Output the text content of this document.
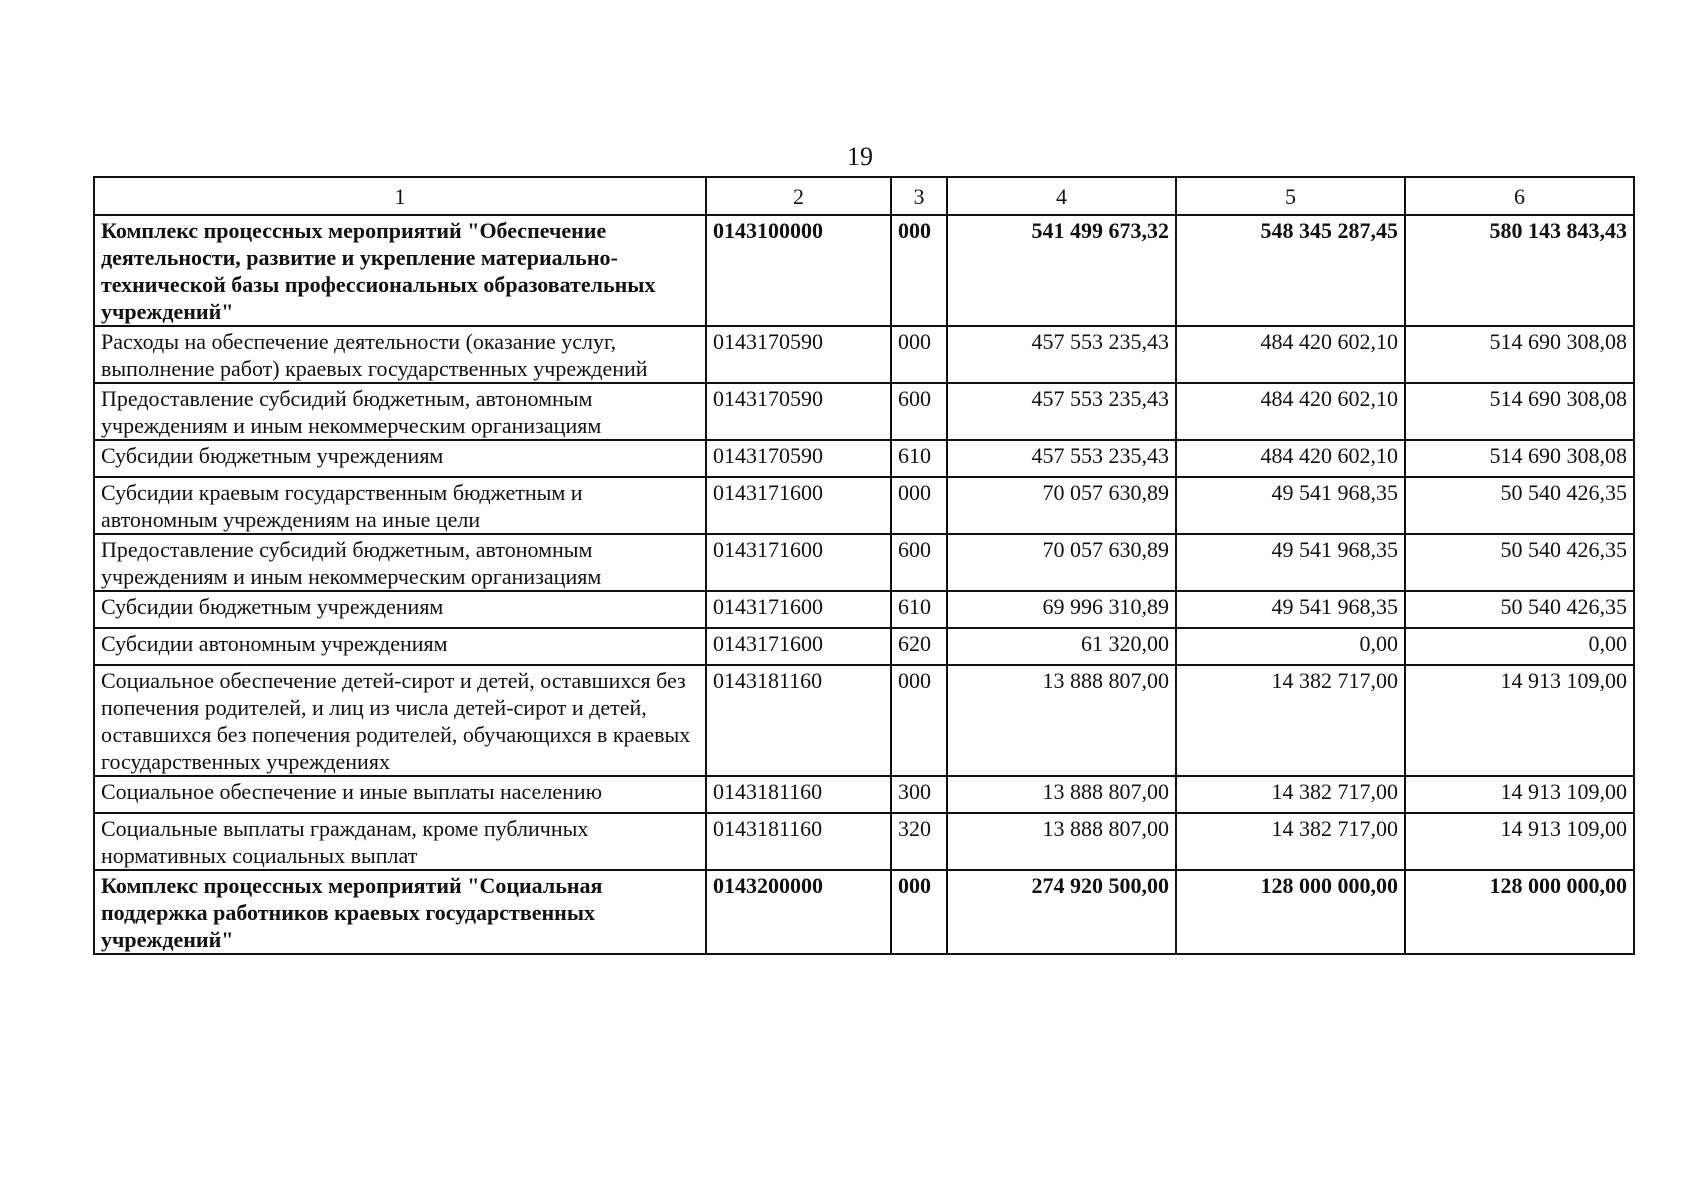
19
1	2	3	4	5	6
Комплекс процессных мероприятий "Обеспечение деятельности, развитие и укрепление материально-технической базы профессиональных образовательных учреждений"	0143100000	000	541 499 673,32	548 345 287,45	580 143 843,43
Расходы на обеспечение деятельности (оказание услуг, выполнение работ) краевых государственных учреждений	0143170590	000	457 553 235,43	484 420 602,10	514 690 308,08
Предоставление субсидий бюджетным, автономным учреждениям и иным некоммерческим организациям	0143170590	600	457 553 235,43	484 420 602,10	514 690 308,08
Субсидии бюджетным учреждениям	0143170590	610	457 553 235,43	484 420 602,10	514 690 308,08
Субсидии краевым государственным бюджетным и автономным учреждениям на иные цели	0143171600	000	70 057 630,89	49 541 968,35	50 540 426,35
Предоставление субсидий бюджетным, автономным учреждениям и иным некоммерческим организациям	0143171600	600	70 057 630,89	49 541 968,35	50 540 426,35
Субсидии бюджетным учреждениям	0143171600	610	69 996 310,89	49 541 968,35	50 540 426,35
Субсидии автономным учреждениям	0143171600	620	61 320,00	0,00	0,00
Социальное обеспечение детей-сирот и детей, оставшихся без попечения родителей, и лиц из числа детей-сирот и детей, оставшихся без попечения родителей, обучающихся в краевых государственных учреждениях	0143181160	000	13 888 807,00	14 382 717,00	14 913 109,00
Социальное обеспечение и иные выплаты населению	0143181160	300	13 888 807,00	14 382 717,00	14 913 109,00
Социальные выплаты гражданам, кроме публичных нормативных социальных выплат	0143181160	320	13 888 807,00	14 382 717,00	14 913 109,00
Комплекс процессных мероприятий "Социальная поддержка работников краевых государственных учреждений"	0143200000	000	274 920 500,00	128 000 000,00	128 000 000,00
